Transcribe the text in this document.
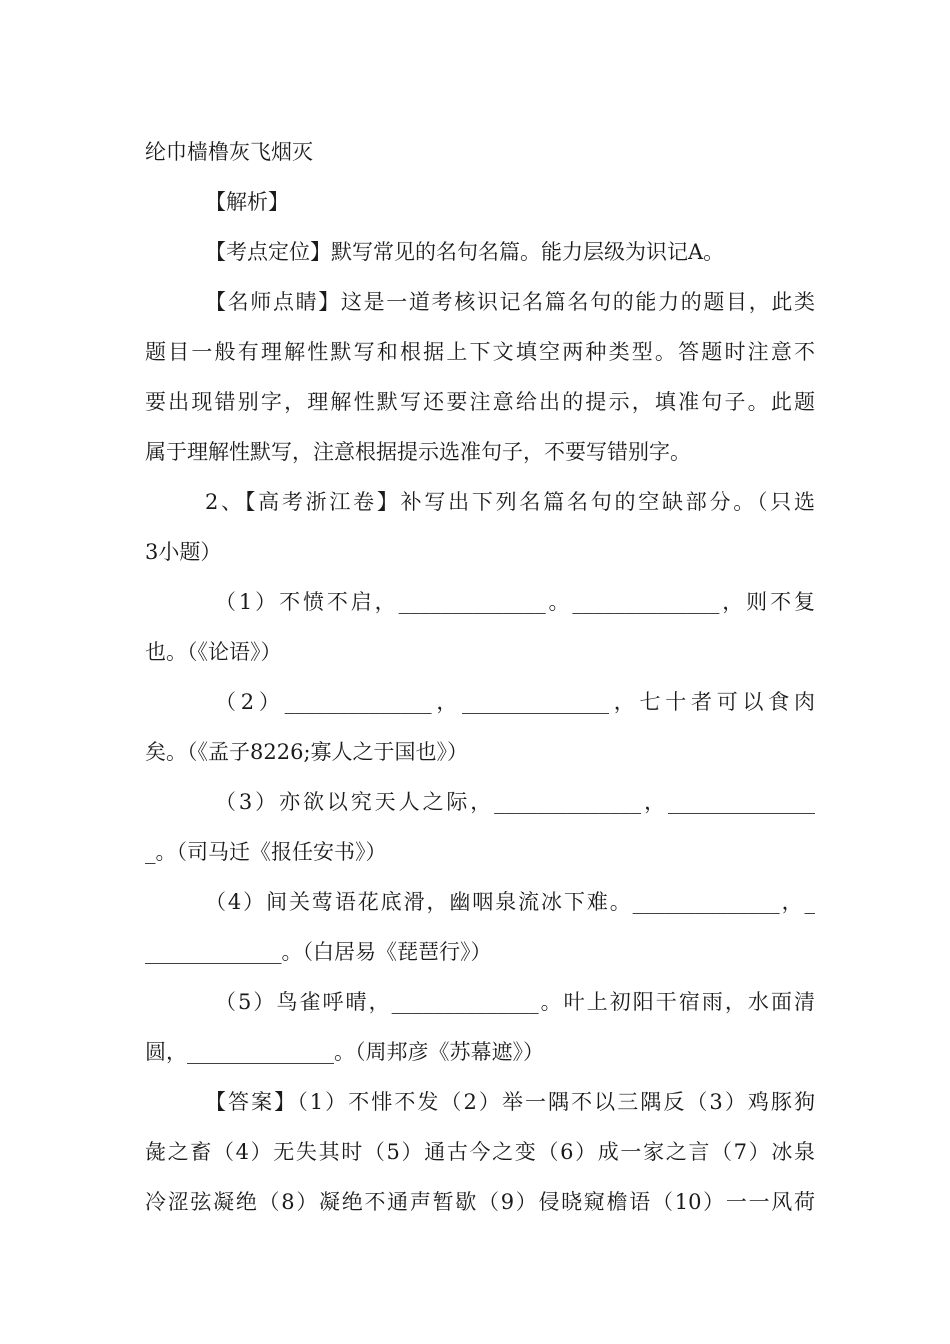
纶巾樯橹灰飞烟灭
【解析】
【考点定位】默写常见的名句名篇。能力层级为识记A。
【名师点睛】这是一道考核识记名篇名句的能力的题目，此类
题目一般有理解性默写和根据上下文填空两种类型。答题时注意不
要出现错别字，理解性默写还要注意给出的提示，填准句子。此题
属于理解性默写，注意根据提示选准句子，不要写错别字。
2、【高考浙江卷】补写出下列名篇名句的空缺部分。（只选
3小题）
（1）不愤不启，______________。______________，则不复
也。（《论语》）
（2）______________，______________，七十者可以食肉
矣。（《孟子8226;寡人之于国也》）
（3）亦欲以究天人之际，______________，______________
_。（司马迁《报任安书》）
（4）间关莺语花底滑，幽咽泉流冰下难。______________，_
_____________。（白居易《琵琶行》）
（5）鸟雀呼晴，______________。叶上初阳干宿雨，水面清
圆，______________。（周邦彦《苏幕遮》）
【答案】（1）不悱不发（2）举一隅不以三隅反（3）鸡豚狗
彘之畜（4）无失其时（5）通古今之变（6）成一家之言（7）冰泉
冷涩弦凝绝（8）凝绝不通声暂歇（9）侵晓窥檐语（10）一一风荷
